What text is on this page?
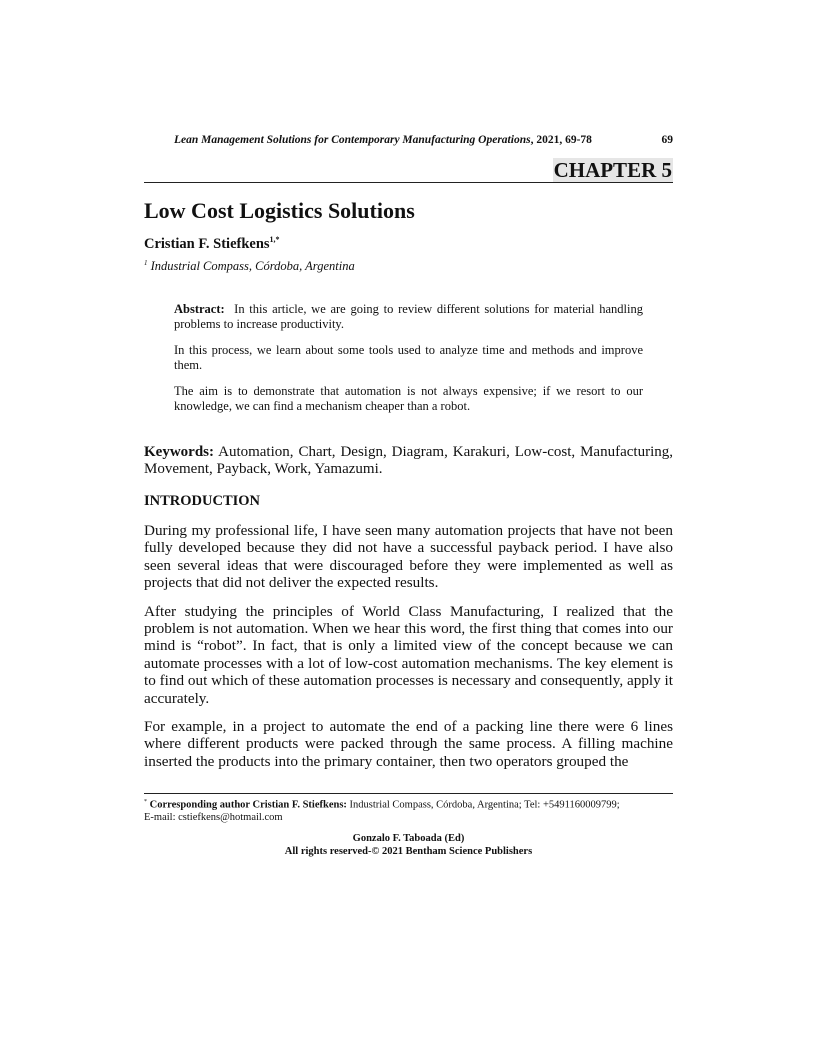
Lean Management Solutions for Contemporary Manufacturing Operations, 2021, 69-78	69
CHAPTER 5
Low Cost Logistics Solutions
Cristian F. Stiefkens$^{1,*}$
$^1$ Industrial Compass, Córdoba, Argentina

Abstract: In this article, we are going to review different solutions for material handling problems to increase productivity.

In this process, we learn about some tools used to analyze time and methods and improve them.

The aim is to demonstrate that automation is not always expensive; if we resort to our knowledge, we can find a mechanism cheaper than a robot.

Keywords: Automation, Chart, Design, Diagram, Karakuri, Low-cost, Manufacturing, Movement, Payback, Work, Yamazumi.
INTRODUCTION

During my professional life, I have seen many automation projects that have not been fully developed because they did not have a successful payback period. I have also seen several ideas that were discouraged before they were implemented as well as projects that did not deliver the expected results.

After studying the principles of World Class Manufacturing, I realized that the problem is not automation. When we hear this word, the first thing that comes into our mind is “robot”. In fact, that is only a limited view of the concept because we can automate processes with a lot of low-cost automation mechanisms. The key element is to find out which of these automation processes is necessary and consequently, apply it accurately.

For example, in a project to automate the end of a packing line there were 6 lines where different products were packed through the same process. A filling machine inserted the products into the primary container, then two operators grouped the

* Corresponding author Cristian F. Stiefkens: Industrial Compass, Córdoba, Argentina; Tel: +5491160009799;
E-mail: cstiefkens@hotmail.com
Gonzalo F. Taboada (Ed)
All rights reserved-© 2021 Bentham Science Publishers
